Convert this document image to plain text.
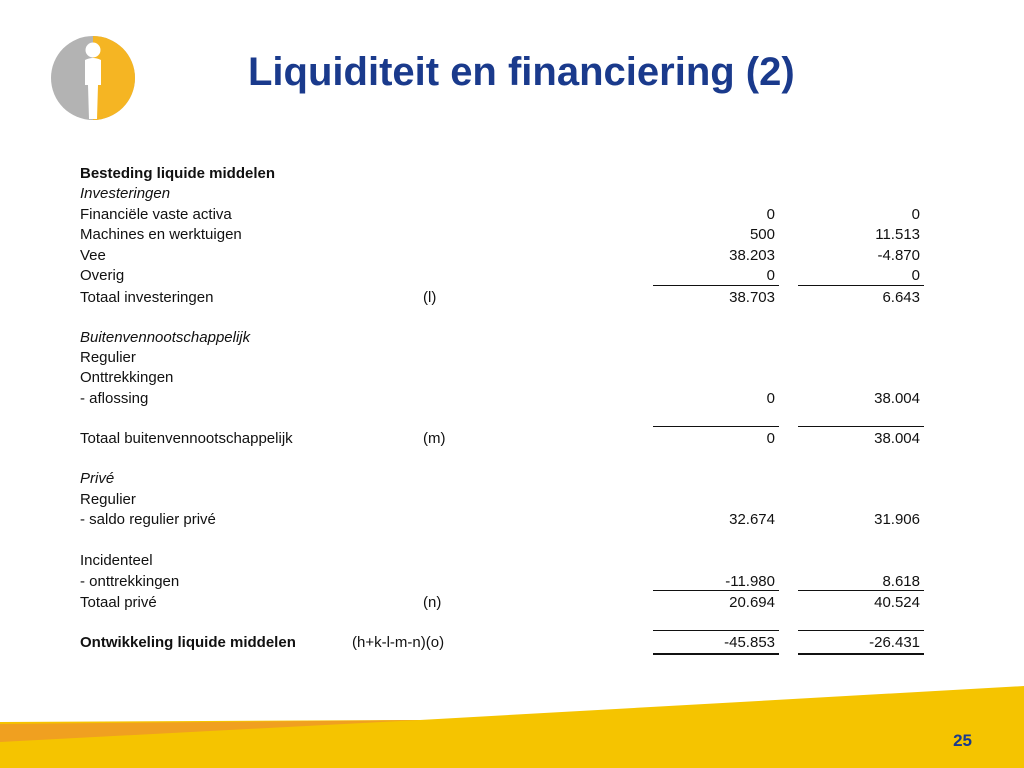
Liquiditeit en financiering (2)
Besteding liquide middelen
Investeringen
Financiële vaste activa	0	0
Machines en werktuigen	500	11.513
Vee	38.203	-4.870
Overig	0	0
Totaal investeringen	(l)	38.703	6.643
Buitenvennootschappelijk
Regulier
Onttrekkingen
- aflossing	0	38.004
Totaal buitenvennootschappelijk	(m)	0	38.004
Privé
Regulier
- saldo regulier privé	32.674	31.906
Incidenteel
- onttrekkingen	-11.980	8.618
Totaal privé	(n)	20.694	40.524
Ontwikkeling liquide middelen	(h+k-l-m-n)(o)	-45.853	-26.431
25
